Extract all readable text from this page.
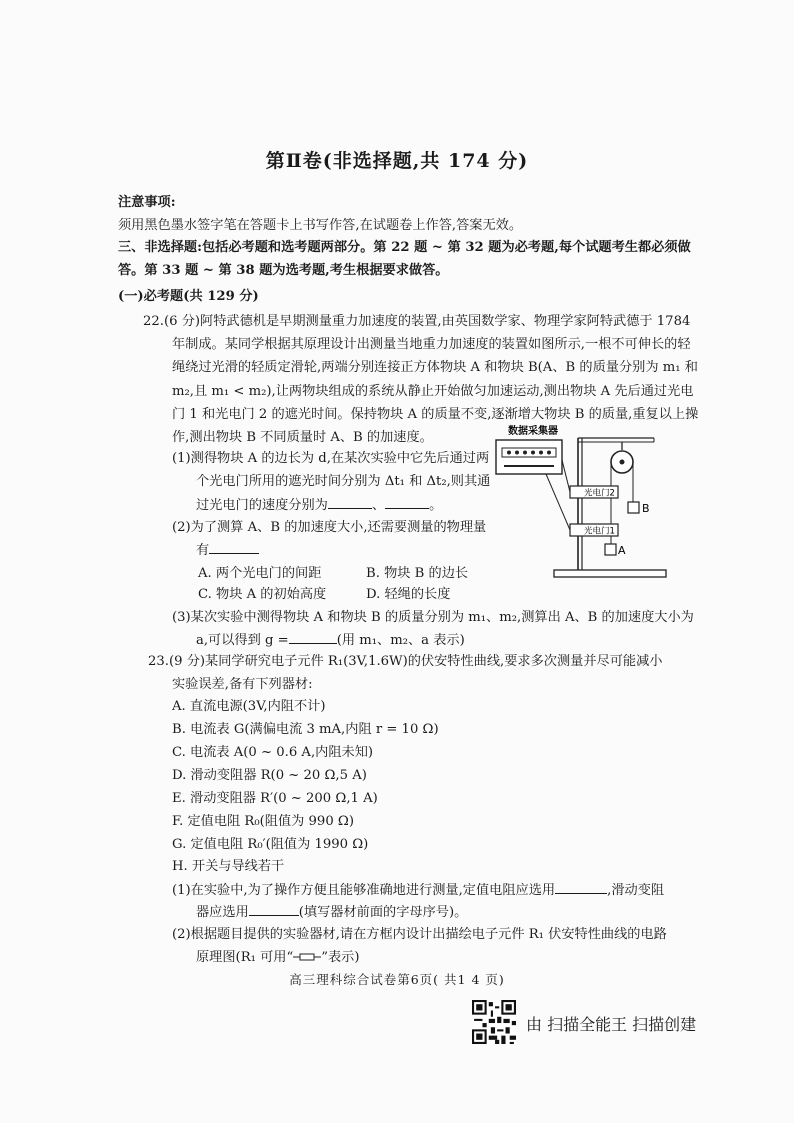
第Ⅱ卷(非选择题,共 174 分)
注意事项:
须用黑色墨水签字笔在答题卡上书写作答,在试题卷上作答,答案无效。
三、非选择题:包括必考题和选考题两部分。第 22 题 ~ 第 32 题为必考题,每个试题考生都必须做
答。第 33 题 ~ 第 38 题为选考题,考生根据要求做答。
(一)必考题(共 129 分)
22.(6 分)阿特武德机是早期测量重力加速度的装置,由英国数学家、物理学家阿特武德于 1784
年制成。某同学根据其原理设计出测量当地重力加速度的装置如图所示,一根不可伸长的轻
绳绕过光滑的轻质定滑轮,两端分别连接正方体物块 A 和物块 B(A、B 的质量分别为 m₁ 和
m₂,且 m₁ < m₂),让两物块组成的系统从静止开始做匀加速运动,测出物块 A 先后通过光电
门 1 和光电门 2 的遮光时间。保持物块 A 的质量不变,逐渐增大物块 B 的质量,重复以上操
作,测出物块 B 不同质量时 A、B 的加速度。
(1)测得物块 A 的边长为 d,在某次实验中它先后通过两
个光电门所用的遮光时间分别为 Δt₁ 和 Δt₂,则其通
过光电门的速度分别为	、	。
(2)为了测算 A、B 的加速度大小,还需要测量的物理量
有
A. 两个光电门的间距	B. 物块 B 的边长
C. 物块 A 的初始高度	D. 轻绳的长度
(3)某次实验中测得物块 A 和物块 B 的质量分别为 m₁、m₂,测算出 A、B 的加速度大小为
a,可以得到 g =	(用 m₁、m₂、a 表示)
B
A
光电门2
光电门1
数据采集器
23.(9 分)某同学研究电子元件 R₁(3V,1.6W)的伏安特性曲线,要求多次测量并尽可能减小
实验误差,备有下列器材:
A. 直流电源(3V,内阻不计)
B. 电流表 G(满偏电流 3 mA,内阻 r = 10 Ω)
C. 电流表 A(0 ~ 0.6 A,内阻未知)
D. 滑动变阻器 R(0 ~ 20 Ω,5 A)
E. 滑动变阻器 R′(0 ~ 200 Ω,1 A)
F. 定值电阻 R₀(阻值为 990 Ω)
G. 定值电阻 R₀′(阻值为 1990 Ω)
H. 开关与导线若干
(1)在实验中,为了操作方便且能够准确地进行测量,定值电阻应选用	,滑动变阻
器应选用	(填写器材前面的字母序号)。
(2)根据题目提供的实验器材,请在方框内设计出描绘电子元件 R₁ 伏安特性曲线的电路
原理图(R₁ 可用“ ”表示)
高三理科综合试卷第6页( 共1 4 页)
由 扫描全能王 扫描创建
